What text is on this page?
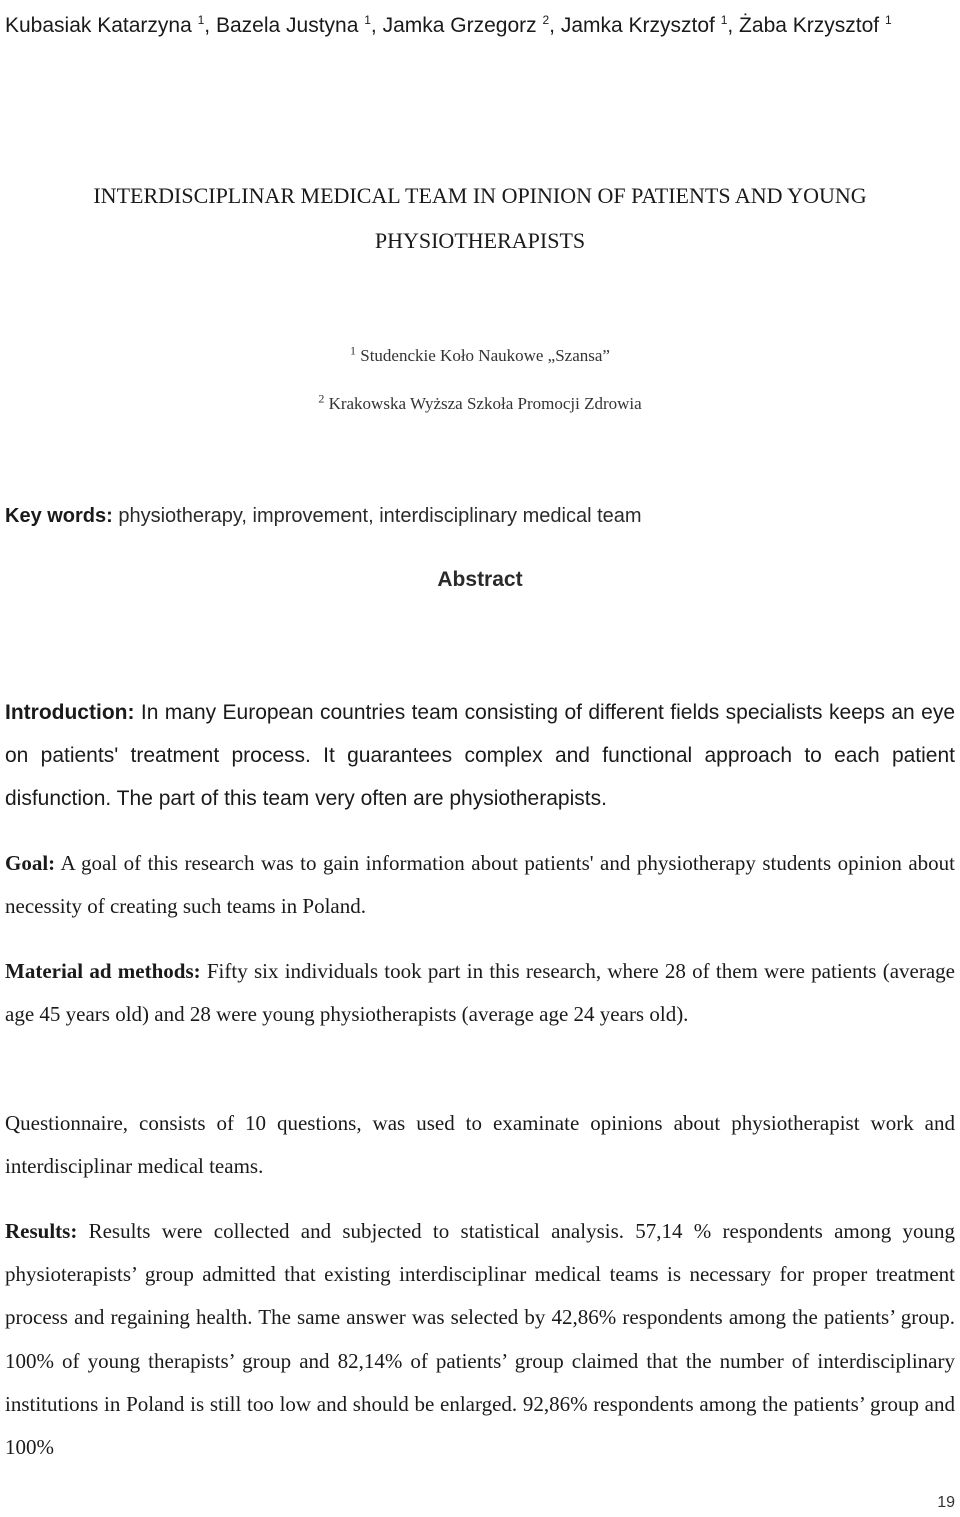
Kubasiak Katarzyna $^1$, Bazela Justyna $^1$, Jamka Grzegorz $^2$, Jamka Krzysztof $^1$, Żaba Krzysztof $^1$
INTERDISCIPLINAR MEDICAL TEAM IN OPINION OF PATIENTS AND YOUNG PHYSIOTHERAPISTS
$^1$ Studenckie Koło Naukowe „Szansa”
$^2$ Krakowska Wyższa Szkoła Promocji Zdrowia
Key words: physiotherapy, improvement, interdisciplinary medical team
Abstract
Introduction: In many European countries team consisting of different fields specialists keeps an eye on patients' treatment process. It guarantees complex and functional approach to each patient disfunction. The part of this team very often are physiotherapists.
Goal: A goal of this research was to gain information about patients' and physiotherapy students opinion about necessity of creating such teams in Poland.
Material ad methods: Fifty six individuals took part in this research, where 28 of them were patients (average age 45 years old) and 28 were young physiotherapists (average age 24 years old).
Questionnaire, consists of 10 questions, was used to examinate opinions about physiotherapist work and interdisciplinar medical teams.
Results: Results were collected and subjected to statistical analysis. 57,14 % respondents among young physioterapists’ group admitted that existing interdisciplinar medical teams is necessary for proper treatment process and regaining health. The same answer was selected by 42,86% respondents among the patients’ group. 100% of young therapists’ group and 82,14% of patients’ group claimed that the number of interdisciplinary institutions in Poland is still too low and should be enlarged. 92,86% respondents among the patients’ group and 100%
19
